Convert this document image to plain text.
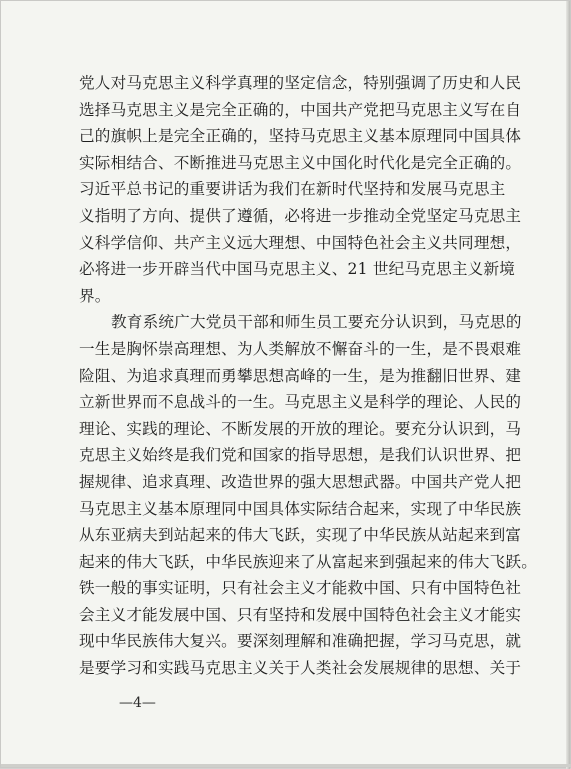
党人对马克思主义科学真理的坚定信念，特别强调了历史和人民
选择马克思主义是完全正确的，中国共产党把马克思主义写在自
己的旗帜上是完全正确的，坚持马克思主义基本原理同中国具体
实际相结合、不断推进马克思主义中国化时代化是完全正确的。
习近平总书记的重要讲话为我们在新时代坚持和发展马克思主
义指明了方向、提供了遵循，必将进一步推动全党坚定马克思主
义科学信仰、共产主义远大理想、中国特色社会主义共同理想，
必将进一步开辟当代中国马克思主义、21 世纪马克思主义新境
界。
教育系统广大党员干部和师生员工要充分认识到，马克思的
一生是胸怀崇高理想、为人类解放不懈奋斗的一生，是不畏艰难
险阻、为追求真理而勇攀思想高峰的一生，是为推翻旧世界、建
立新世界而不息战斗的一生。马克思主义是科学的理论、人民的
理论、实践的理论、不断发展的开放的理论。要充分认识到，马
克思主义始终是我们党和国家的指导思想，是我们认识世界、把
握规律、追求真理、改造世界的强大思想武器。中国共产党人把
马克思主义基本原理同中国具体实际结合起来，实现了中华民族
从东亚病夫到站起来的伟大飞跃，实现了中华民族从站起来到富
起来的伟大飞跃，中华民族迎来了从富起来到强起来的伟大飞跃。
铁一般的事实证明，只有社会主义才能救中国、只有中国特色社
会主义才能发展中国、只有坚持和发展中国特色社会主义才能实
现中华民族伟大复兴。要深刻理解和准确把握，学习马克思，就
是要学习和实践马克思主义关于人类社会发展规律的思想、关于
—4—
